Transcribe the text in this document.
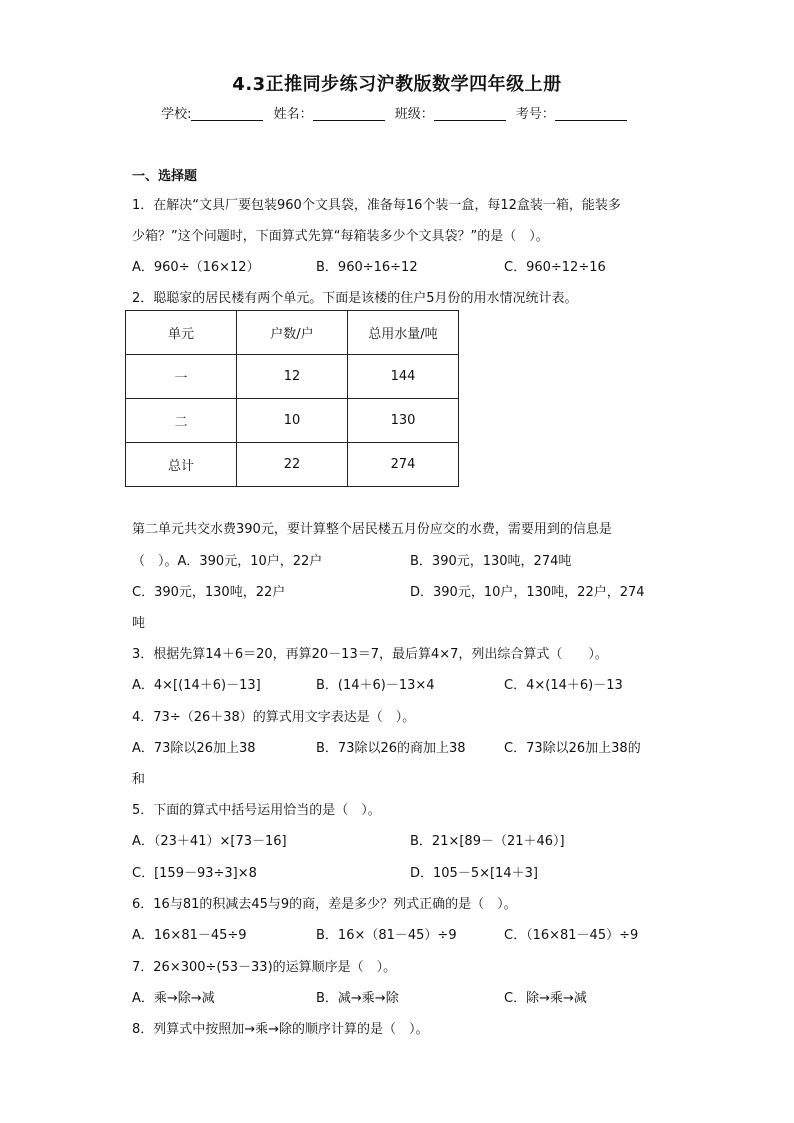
4.3正推同步练习沪教版数学四年级上册
学校:	姓名：	班级：	考号：
一、选择题
1．在解决“文具厂要包装960个文具袋，准备每16个装一盒，每12盒装一箱，能装多
少箱？”这个问题时，下面算式先算“每箱装多少个文具袋？”的是（　）。
A．960÷（16×12）	B．960÷16÷12	C．960÷12÷16
2．聪聪家的居民楼有两个单元。下面是该楼的住户5月份的用水情况统计表。
单元	户数/户	总用水量/吨
一	12	144
二	10	130
总计	22	274
第二单元共交水费390元，要计算整个居民楼五月份应交的水费，需要用到的信息是
（　）。A．390元，10户，22户	B．390元，130吨，274吨
C．390元，130吨，22户	D．390元，10户，130吨，22户，274
吨
3．根据先算14＋6＝20，再算20－13＝7，最后算4×7，列出综合算式（　　）。
A．4×[(14＋6)－13]	B．(14＋6)－13×4	C．4×(14＋6)－13
4．73÷（26＋38）的算式用文字表达是（　）。
A．73除以26加上38	B．73除以26的商加上38	C．73除以26加上38的
和
5．下面的算式中括号运用恰当的是（　）。
A．（23＋41）×[73－16]	B．21×[89－（21＋46）]
C．[159－93÷3]×8	D．105－5×[14＋3]
6．16与81的积减去45与9的商，差是多少？列式正确的是（　）。
A．16×81－45÷9	B．16×（81－45）÷9	C．（16×81－45）÷9
7．26×300÷(53－33)的运算顺序是（　）。
A．乘→除→减	B．减→乘→除	C．除→乘→减
8．列算式中按照加→乘→除的顺序计算的是（　）。
